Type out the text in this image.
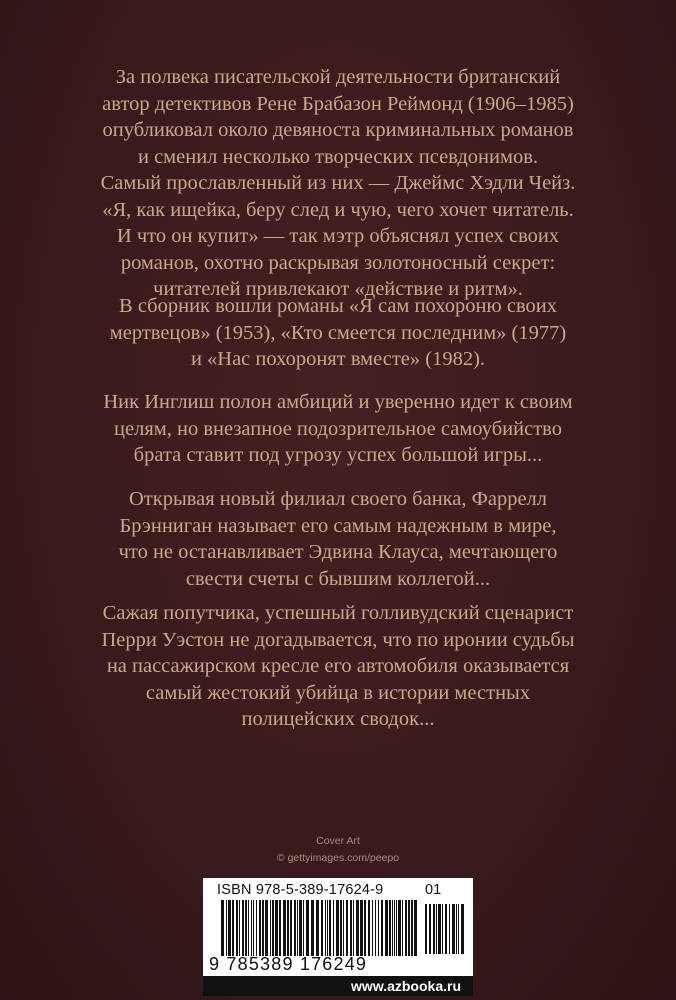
За полвека писательской деятельности британский
автор детективов Рене Брабазон Реймонд (1906–1985)
опубликовал около девяноста криминальных романов
и сменил несколько творческих псевдонимов.
Самый прославленный из них — Джеймс Хэдли Чейз.
«Я, как ищейка, беру след и чую, чего хочет читатель.
И что он купит» — так мэтр объяснял успех своих
романов, охотно раскрывая золотоносный секрет:
читателей привлекают «действие и ритм».

В сборник вошли романы «Я сам похороню своих
мертвецов» (1953), «Кто смеется последним» (1977)
и «Нас похоронят вместе» (1982).

Ник Инглиш полон амбиций и уверенно идет к своим
целям, но внезапное подозрительное самоубийство
брата ставит под угрозу успех большой игры...

Открывая новый филиал своего банка, Фаррелл
Брэнниган называет его самым надежным в мире,
что не останавливает Эдвина Клауса, мечтающего
свести счеты с бывшим коллегой...

Сажая попутчика, успешный голливудский сценарист
Перри Уэстон не догадывается, что по иронии судьбы
на пассажирском кресле его автомобиля оказывается
самый жестокий убийца в истории местных
полицейских сводок...

Cover Art
© gettyimages.com/peepo
ISBN 978-5-389-17624-9	01
9 785389 176249
www.azbooka.ru
